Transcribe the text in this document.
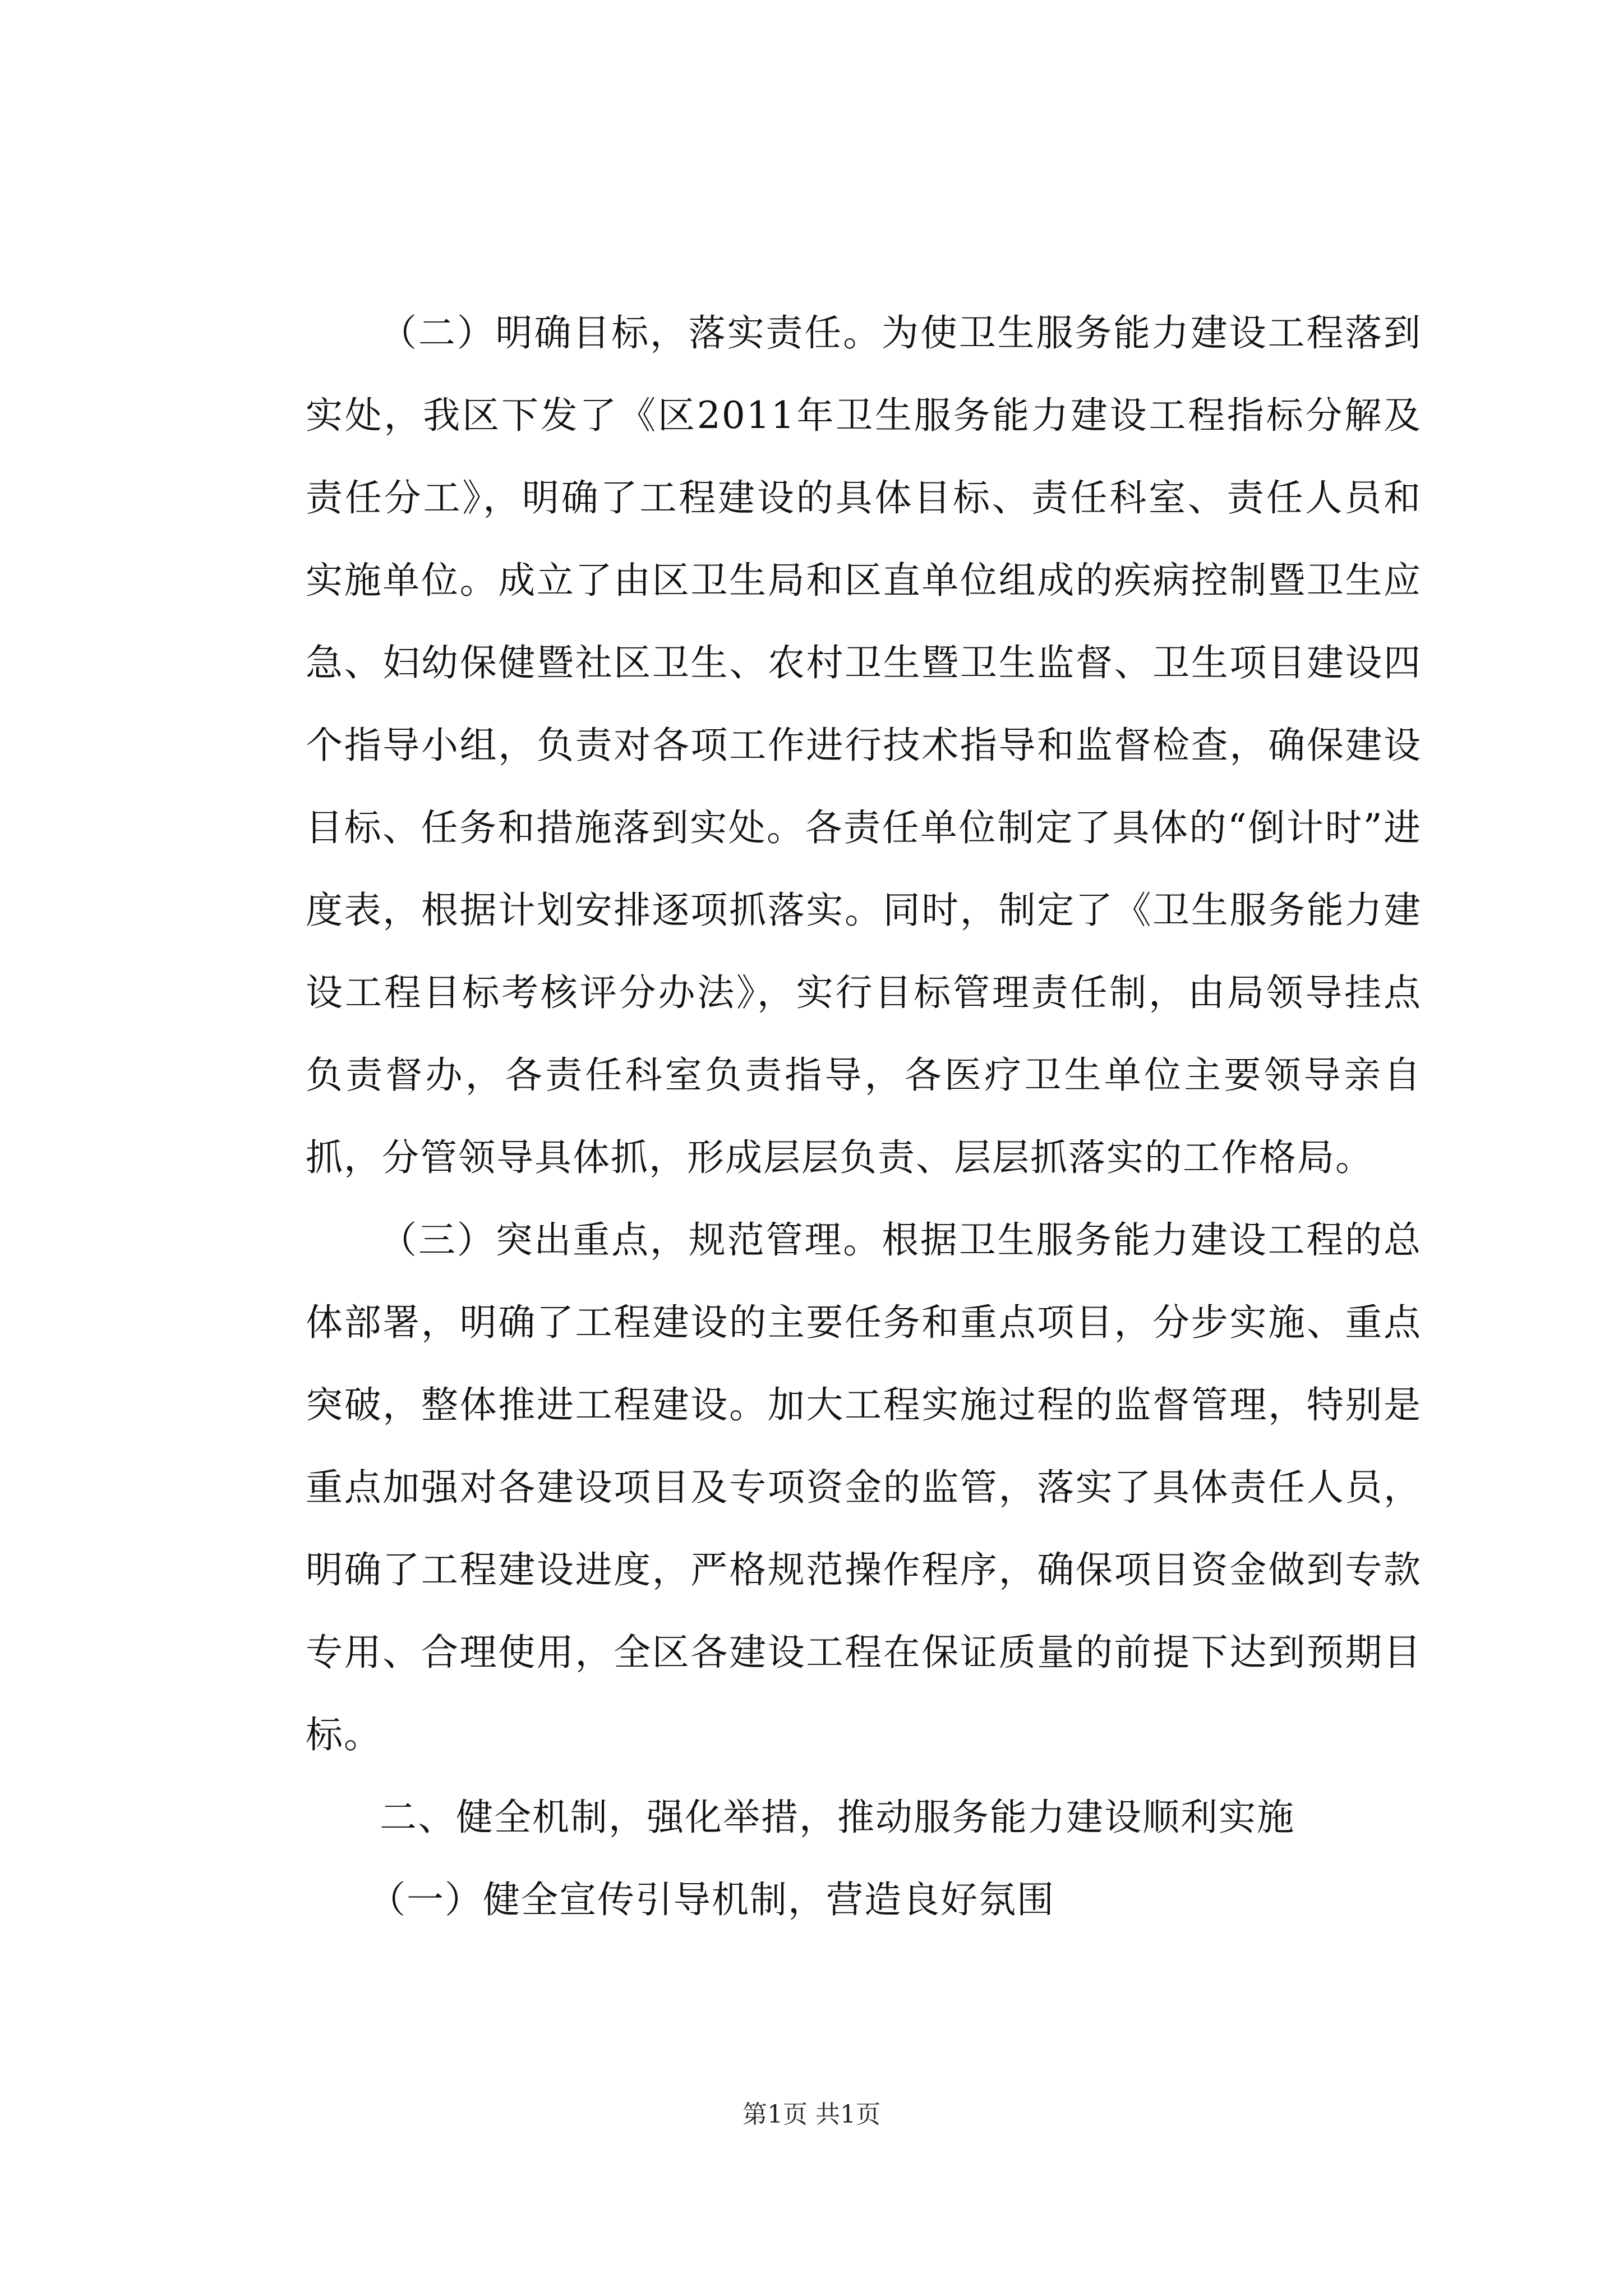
（二）明确目标，落实责任。为使卫生服务能力建设工程落到实处，我区下发了《区2011年卫生服务能力建设工程指标分解及责任分工》，明确了工程建设的具体目标、责任科室、责任人员和实施单位。成立了由区卫生局和区直单位组成的疾病控制暨卫生应急、妇幼保健暨社区卫生、农村卫生暨卫生监督、卫生项目建设四个指导小组，负责对各项工作进行技术指导和监督检查，确保建设目标、任务和措施落到实处。各责任单位制定了具体的“倒计时”进度表，根据计划安排逐项抓落实。同时，制定了《卫生服务能力建设工程目标考核评分办法》，实行目标管理责任制，由局领导挂点负责督办，各责任科室负责指导，各医疗卫生单位主要领导亲自抓，分管领导具体抓，形成层层负责、层层抓落实的工作格局。

（三）突出重点，规范管理。根据卫生服务能力建设工程的总体部署，明确了工程建设的主要任务和重点项目，分步实施、重点突破，整体推进工程建设。加大工程实施过程的监督管理，特别是重点加强对各建设项目及专项资金的监管，落实了具体责任人员，明确了工程建设进度，严格规范操作程序，确保项目资金做到专款专用、合理使用，全区各建设工程在保证质量的前提下达到预期目标。

二、健全机制，强化举措，推动服务能力建设顺利实施

（一）健全宣传引导机制，营造良好氛围

第1页 共1页
